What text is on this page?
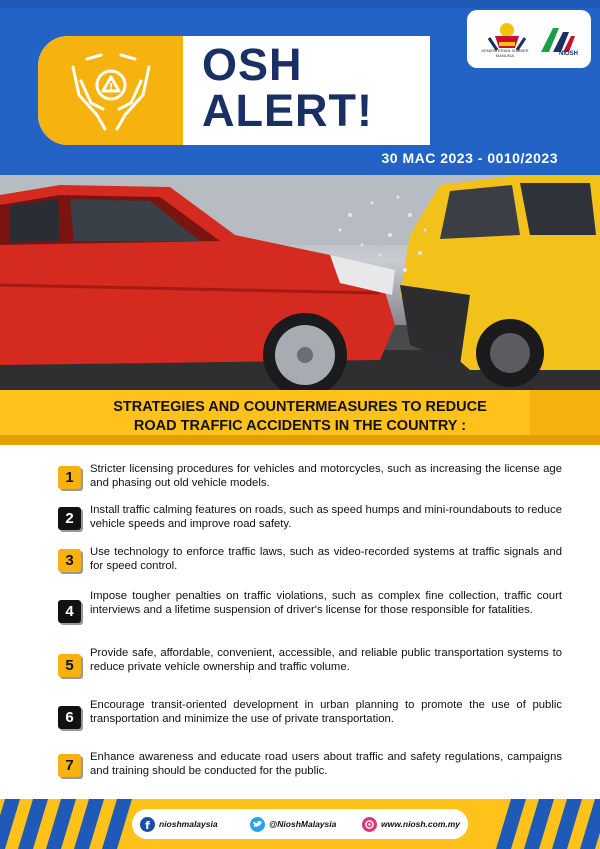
! OSH
ALERT!
KEMENTERIAN SUMBER MANUSIA	NIOSH
30 MAC 2023 - 0010/2023
STRATEGIES AND COUNTERMEASURES TO REDUCE
ROAD TRAFFIC ACCIDENTS IN THE COUNTRY :
1	Stricter licensing procedures for vehicles and motorcycles, such as increasing the license age and phasing out old vehicle models.
2	Install traffic calming features on roads, such as speed humps and mini-roundabouts to reduce vehicle speeds and improve road safety.
3	Use technology to enforce traffic laws, such as video-recorded systems at traffic signals and for speed control.
4
Impose tougher penalties on traffic violations, such as complex fine collection, traffic court interviews and a lifetime suspension of driver's license for those responsible for fatalities.
5
Provide safe, affordable, convenient, accessible, and reliable public transportation systems to reduce private vehicle ownership and traffic volume.
6
Encourage transit-oriented development in urban planning to promote the use of public transportation and minimize the use of private transportation.
7	Enhance awareness and educate road users about traffic and safety regulations, campaigns and training should be conducted for the public.
f nioshmalaysia	@NioshMalaysia	www.niosh.com.my
